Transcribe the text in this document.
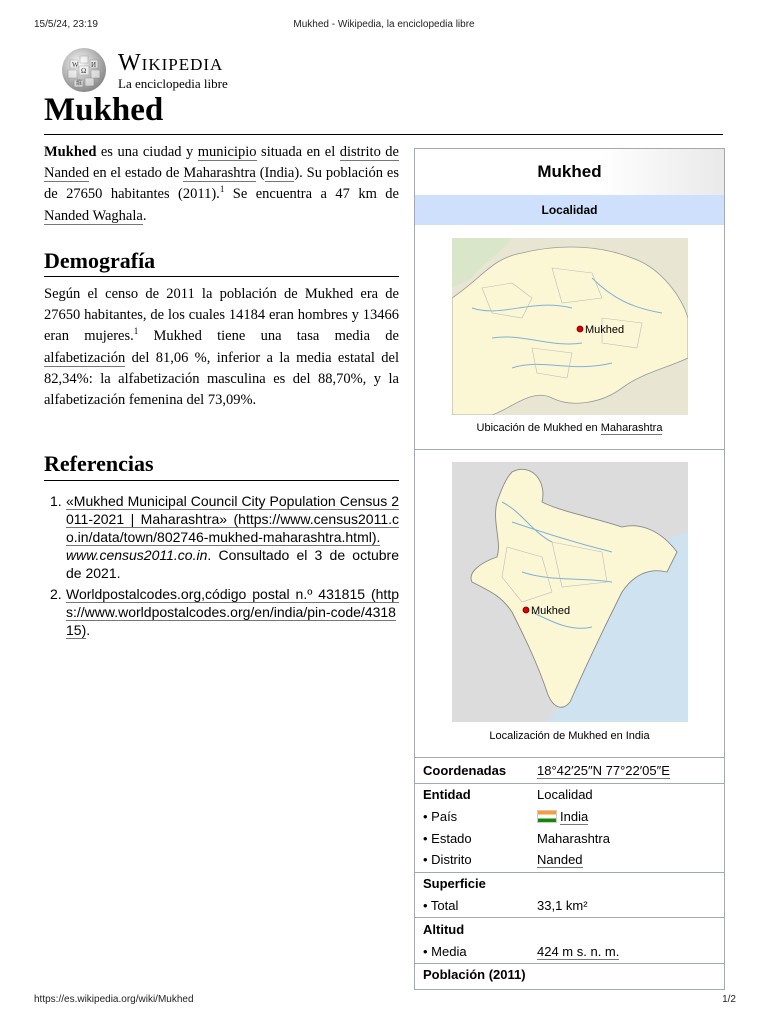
15/5/24, 23:19	Mukhed - Wikipedia, la enciclopedia libre
W
Ω
И
維
Wikipedia
La enciclopedia libre
Mukhed

Mukhed es una ciudad y municipio situada en el distrito de Nanded en el estado de Maharashtra (India). Su población es de 27650 habitantes (2011).$^1$ Se encuentra a 47 km de Nanded Waghala.

Demografía

Según el censo de 2011 la población de Mukhed era de 27650 habitantes, de los cuales 14184 eran hombres y 13466 eran mujeres.$^1$ Mukhed tiene una tasa media de alfabetización del 81,06 %, inferior a la media estatal del 82,34%: la alfabetización masculina es del 88,70%, y la alfabetización femenina del 73,09%.

Referencias
1. «Mukhed Municipal Council City Population Census 2011-2021 | Maharashtra» (https://www.census2011.co.in/data/town/802746-mukhed-maharashtra.html). www.census2011.co.in. Consultado el 3 de octubre de 2021.
2. Worldpostalcodes.org,código postal n.º 431815 (https://www.worldpostalcodes.org/en/india/pin-code/431815).
Mukhed
Localidad
Mukhed
Ubicación de Mukhed en Maharashtra
Mukhed
Localización de Mukhed en India
Coordenadas 18°42′25″N 77°22′05″E
Entidad	Localidad
• País	India
• Estado	Maharashtra
• Distrito	Nanded
Superficie
• Total	33,1 km²
Altitud
• Media	424 m s. n. m.
Población (2011)
https://es.wikipedia.org/wiki/Mukhed	1/2
